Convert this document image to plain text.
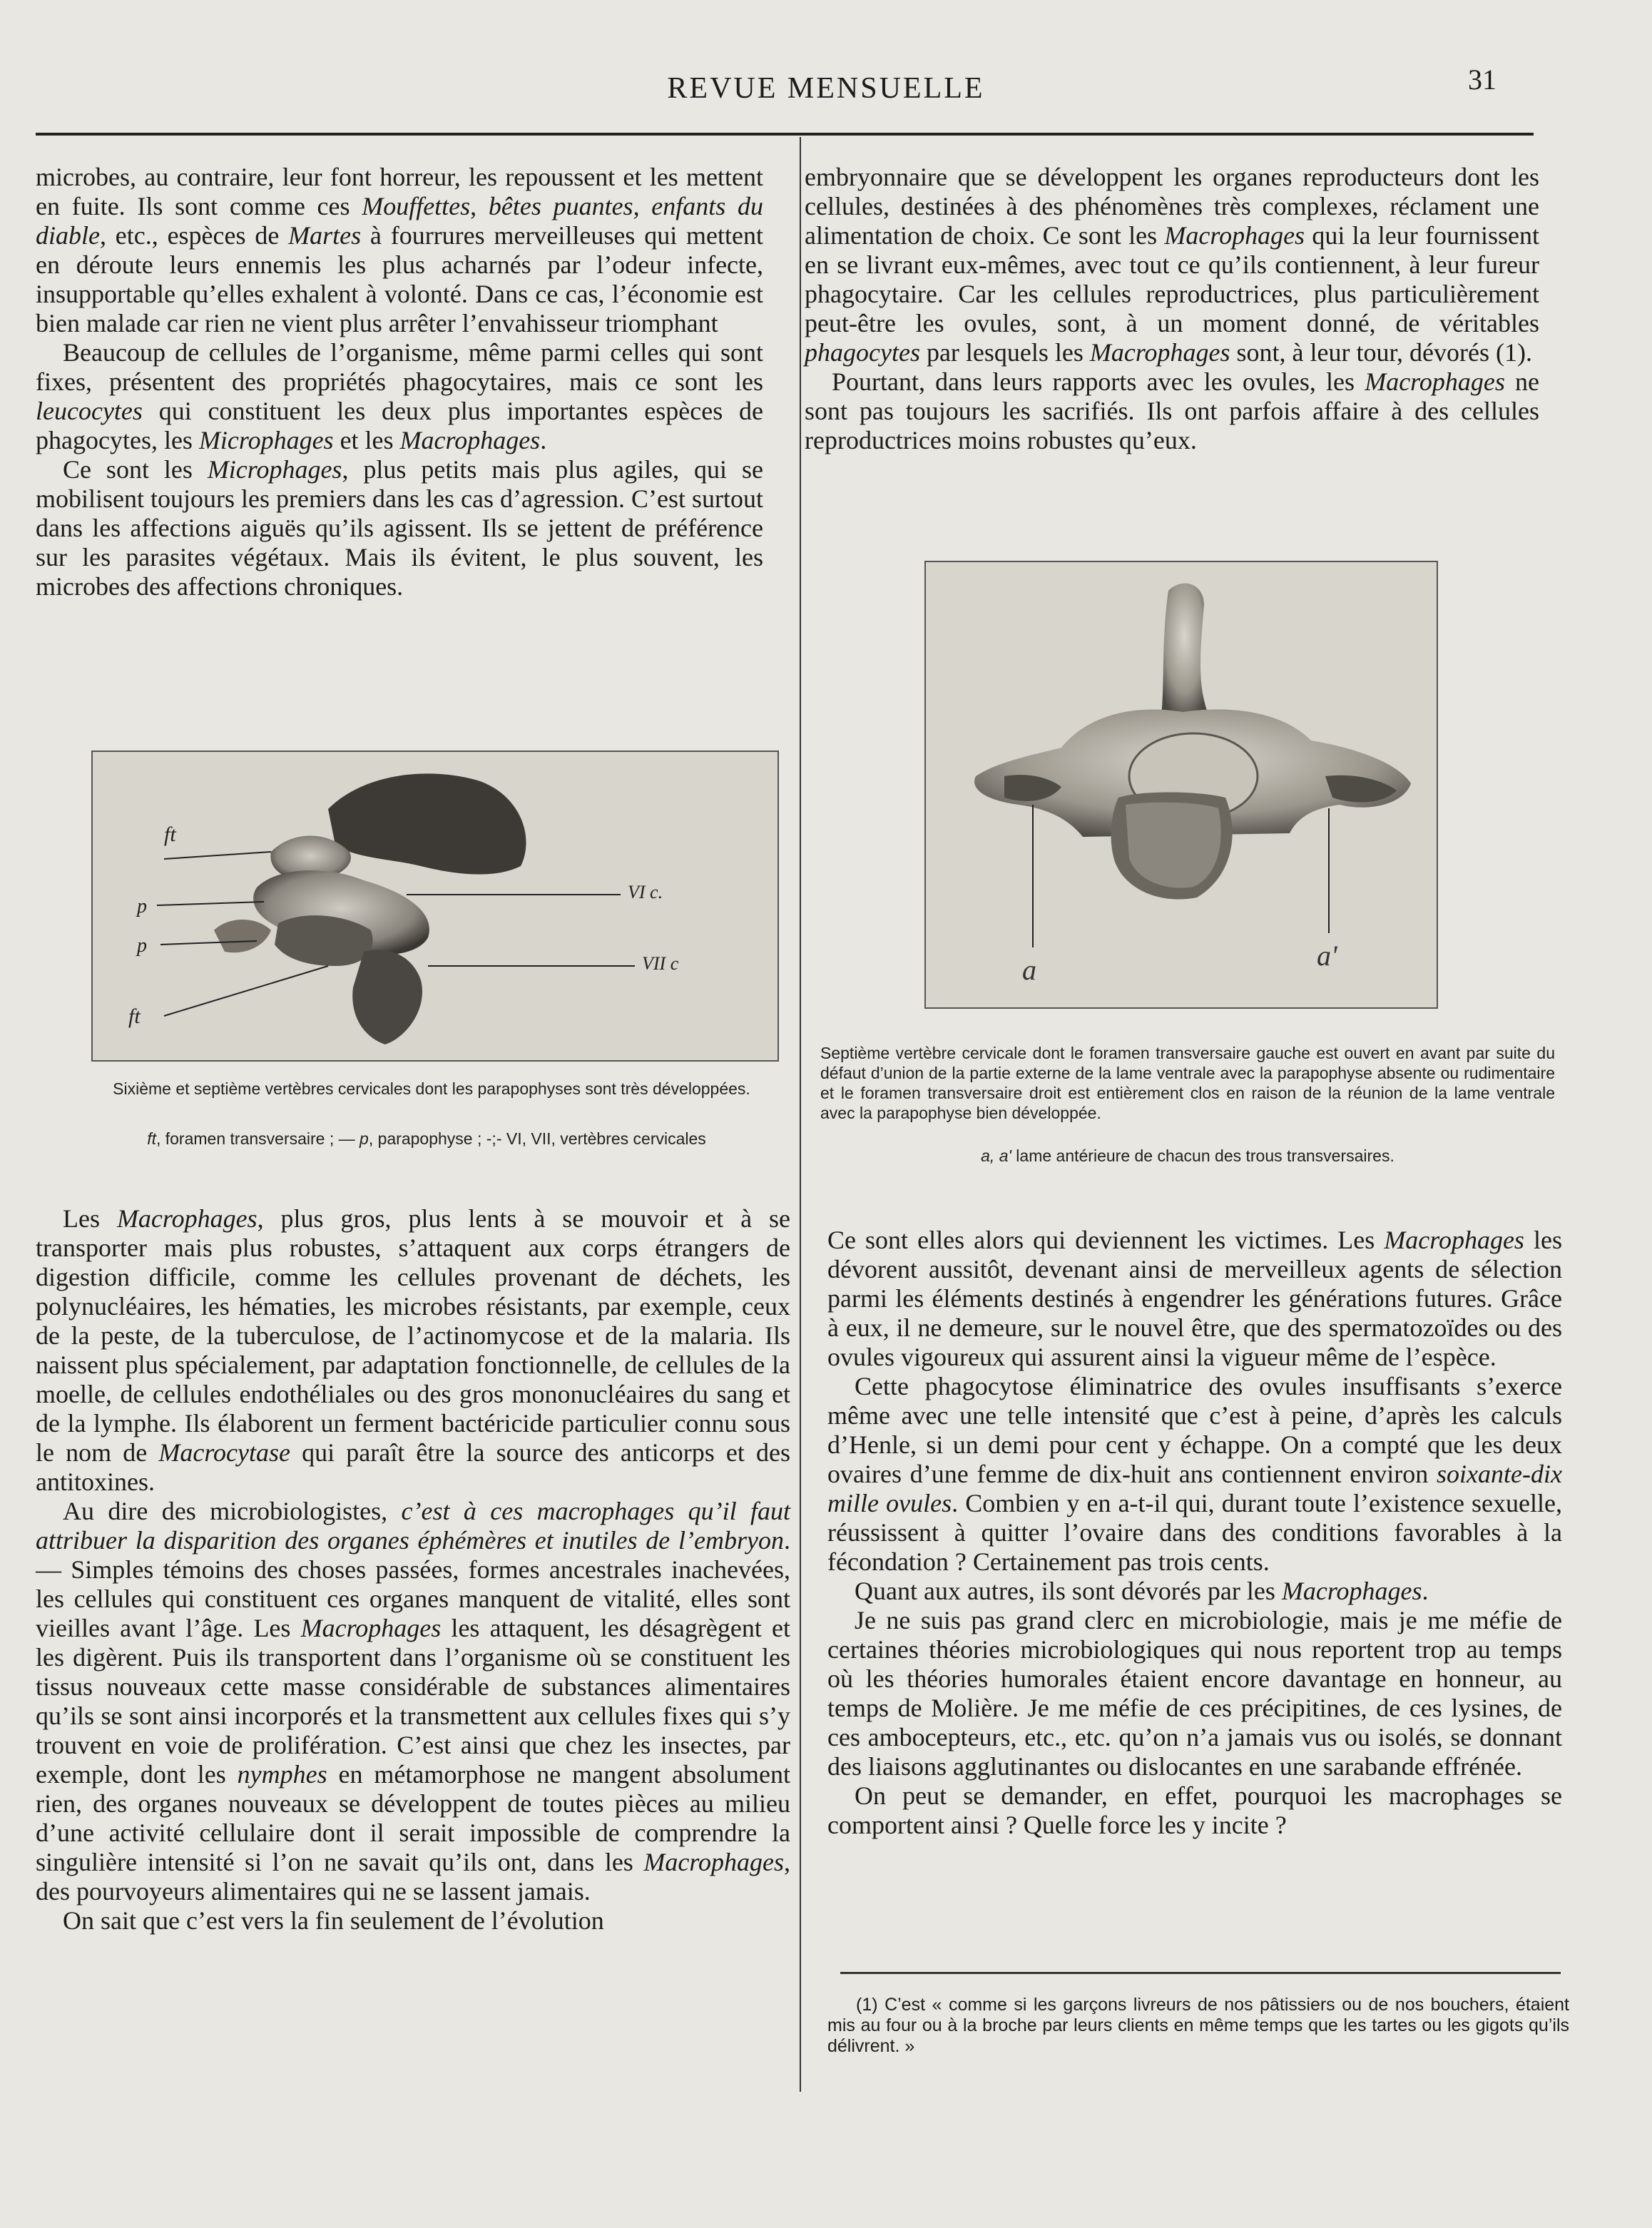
REVUE MENSUELLE	31

microbes, au contraire, leur font horreur, les repoussent et les mettent en fuite. Ils sont comme ces Mouffettes, bêtes puantes, enfants du diable, etc., espèces de Martes à fourrures merveilleuses qui mettent en déroute leurs ennemis les plus acharnés par l’odeur infecte, insupportable qu’elles exhalent à volonté. Dans ce cas, l’économie est bien malade car rien ne vient plus arrêter l’envahisseur triomphant

Beaucoup de cellules de l’organisme, même parmi celles qui sont fixes, présentent des propriétés phagocytaires, mais ce sont les leucocytes qui constituent les deux plus importantes espèces de phagocytes, les Microphages et les Macrophages.

Ce sont les Microphages, plus petits mais plus agiles, qui se mobilisent toujours les premiers dans les cas d’agression. C’est surtout dans les affections aiguës qu’ils agissent. Ils se jettent de préférence sur les parasites végétaux. Mais ils évitent, le plus souvent, les microbes des affections chroniques.

embryonnaire que se développent les organes reproducteurs dont les cellules, destinées à des phénomènes très complexes, réclament une alimentation de choix. Ce sont les Macrophages qui la leur fournissent en se livrant eux-mêmes, avec tout ce qu’ils contiennent, à leur fureur phagocytaire. Car les cellules reproductrices, plus particulièrement peut-être les ovules, sont, à un moment donné, de véritables phagocytes par lesquels les Macrophages sont, à leur tour, dévorés (1).

Pourtant, dans leurs rapports avec les ovules, les Macrophages ne sont pas toujours les sacrifiés. Ils ont parfois affaire à des cellules reproductrices moins robustes qu’eux.

ft
p
p
ft
VI c.
VII c
Sixième et septième vertèbres cervicales dont les parapophyses sont très développées.
ft, foramen transversaire ; — p, parapophyse ; -;- VI, VII, vertèbres cervicales
a	a'
Septième vertèbre cervicale dont le foramen transversaire gauche est ouvert en avant par suite du défaut d’union de la partie externe de la lame ventrale avec la parapophyse absente ou rudimentaire et le foramen transversaire droit est entièrement clos en raison de la réunion de la lame ventrale avec la parapophyse bien développée.
a, a' lame antérieure de chacun des trous transversaires.

Les Macrophages, plus gros, plus lents à se mouvoir et à se transporter mais plus robustes, s’attaquent aux corps étrangers de digestion difficile, comme les cellules provenant de déchets, les polynucléaires, les hématies, les microbes résistants, par exemple, ceux de la peste, de la tuberculose, de l’actinomycose et de la malaria. Ils naissent plus spécialement, par adaptation fonctionnelle, de cellules de la moelle, de cellules endothéliales ou des gros mononucléaires du sang et de la lymphe. Ils élaborent un ferment bactéricide particulier connu sous le nom de Macrocytase qui paraît être la source des anticorps et des antitoxines.

Au dire des microbiologistes, c’est à ces macrophages qu’il faut attribuer la disparition des organes éphémères et inutiles de l’embryon. — Simples témoins des choses passées, formes ancestrales inachevées, les cellules qui constituent ces organes manquent de vitalité, elles sont vieilles avant l’âge. Les Macrophages les attaquent, les désagrègent et les digèrent. Puis ils transportent dans l’organisme où se constituent les tissus nouveaux cette masse considérable de substances alimentaires qu’ils se sont ainsi incorporés et la transmettent aux cellules fixes qui s’y trouvent en voie de prolifération. C’est ainsi que chez les insectes, par exemple, dont les nymphes en métamorphose ne mangent absolument rien, des organes nouveaux se développent de toutes pièces au milieu d’une activité cellulaire dont il serait impossible de comprendre la singulière intensité si l’on ne savait qu’ils ont, dans les Macrophages, des pourvoyeurs alimentaires qui ne se lassent jamais.

On sait que c’est vers la fin seulement de l’évolution

Ce sont elles alors qui deviennent les victimes. Les Macrophages les dévorent aussitôt, devenant ainsi de merveilleux agents de sélection parmi les éléments destinés à engendrer les générations futures. Grâce à eux, il ne demeure, sur le nouvel être, que des spermatozoïdes ou des ovules vigoureux qui assurent ainsi la vigueur même de l’espèce.

Cette phagocytose éliminatrice des ovules insuffisants s’exerce même avec une telle intensité que c’est à peine, d’après les calculs d’Henle, si un demi pour cent y échappe. On a compté que les deux ovaires d’une femme de dix-huit ans contiennent environ soixante-dix mille ovules. Combien y en a-t-il qui, durant toute l’existence sexuelle, réussissent à quitter l’ovaire dans des conditions favorables à la fécondation ? Certainement pas trois cents.

Quant aux autres, ils sont dévorés par les Macrophages.

Je ne suis pas grand clerc en microbiologie, mais je me méfie de certaines théories microbiologiques qui nous reportent trop au temps où les théories humorales étaient encore davantage en honneur, au temps de Molière. Je me méfie de ces précipitines, de ces lysines, de ces ambocepteurs, etc., etc. qu’on n’a jamais vus ou isolés, se donnant des liaisons agglutinantes ou dislocantes en une sarabande effrénée.

On peut se demander, en effet, pourquoi les macrophages se comportent ainsi ? Quelle force les y incite ?

(1) C’est « comme si les garçons livreurs de nos pâtissiers ou de nos bouchers, étaient mis au four ou à la broche par leurs clients en même temps que les tartes ou les gigots qu’ils délivrent. »
